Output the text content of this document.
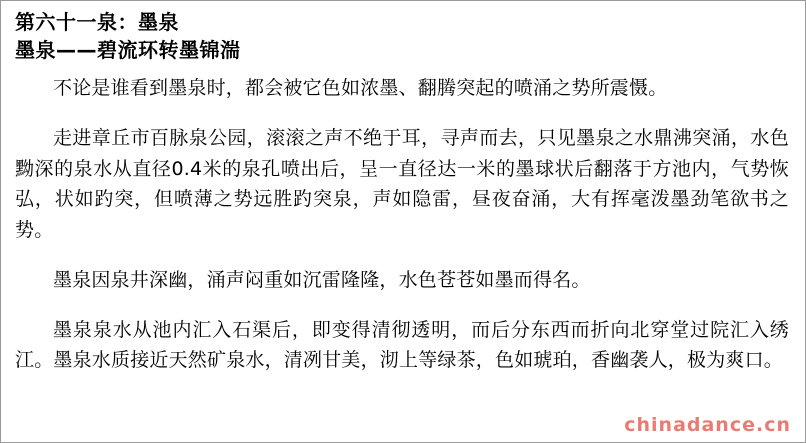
第六十一泉：墨泉
墨泉——碧流环转墨锦湍

不论是谁看到墨泉时，都会被它色如浓墨、翻腾突起的喷涌之势所震慑。

走进章丘市百脉泉公园，滚滚之声不绝于耳，寻声而去，只见墨泉之水鼎沸突涌，水色黝深的泉水从直径0.4米的泉孔喷出后，呈一直径达一米的墨球状后翻落于方池内，气势恢弘，状如趵突，但喷薄之势远胜趵突泉，声如隐雷，昼夜奋涌，大有挥毫泼墨劲笔欲书之势。

墨泉因泉井深幽，涌声闷重如沉雷隆隆，水色苍苍如墨而得名。

墨泉泉水从池内汇入石渠后，即变得清彻透明，而后分东西而折向北穿堂过院汇入绣江。墨泉水质接近天然矿泉水，清冽甘美，沏上等绿茶，色如琥珀，香幽袭人，极为爽口。

chinadance.cn
